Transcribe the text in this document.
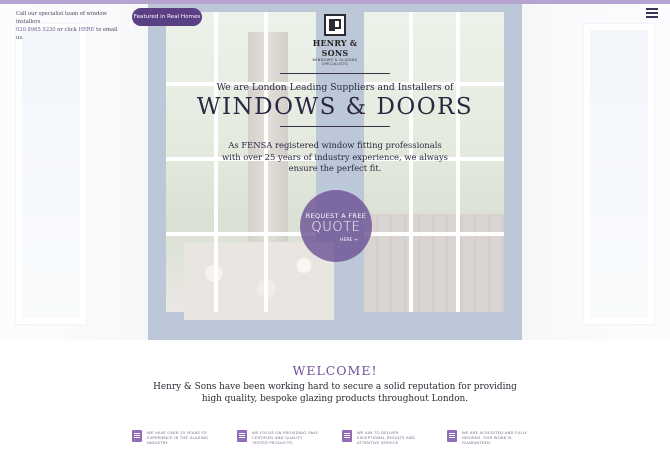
Call our specialist team of window installers
020 8965 5230 or click HERE to email us.
Featured in Real Homes
HENRY & SONS
WINDOWS & GLAZING SPECIALISTS
We are London Leading Suppliers and Installers of
WINDOWS & DOORS
As FENSA registered window fitting professionals with over 25 years of industry experience, we always ensure the perfect fit.
REQUEST A FREE
QUOTE
HERE →
WELCOME!
Henry & Sons have been working hard to secure a solid reputation for providing high quality, bespoke glazing products throughout London.
WE HAVE OVER 25 YEARS OF EXPERIENCE IN THE GLAZING INDUSTRY.
WE FOCUS ON PROVIDING ONLY CERTIFIED AND QUALITY TESTED PRODUCTS.
WE AIM TO DELIVER EXCEPTIONAL RESULTS AND ATTENTIVE SERVICE.
WE ARE ACREDITED AND FULLY INSURED. OUR WORK IS GUARANTEED.
